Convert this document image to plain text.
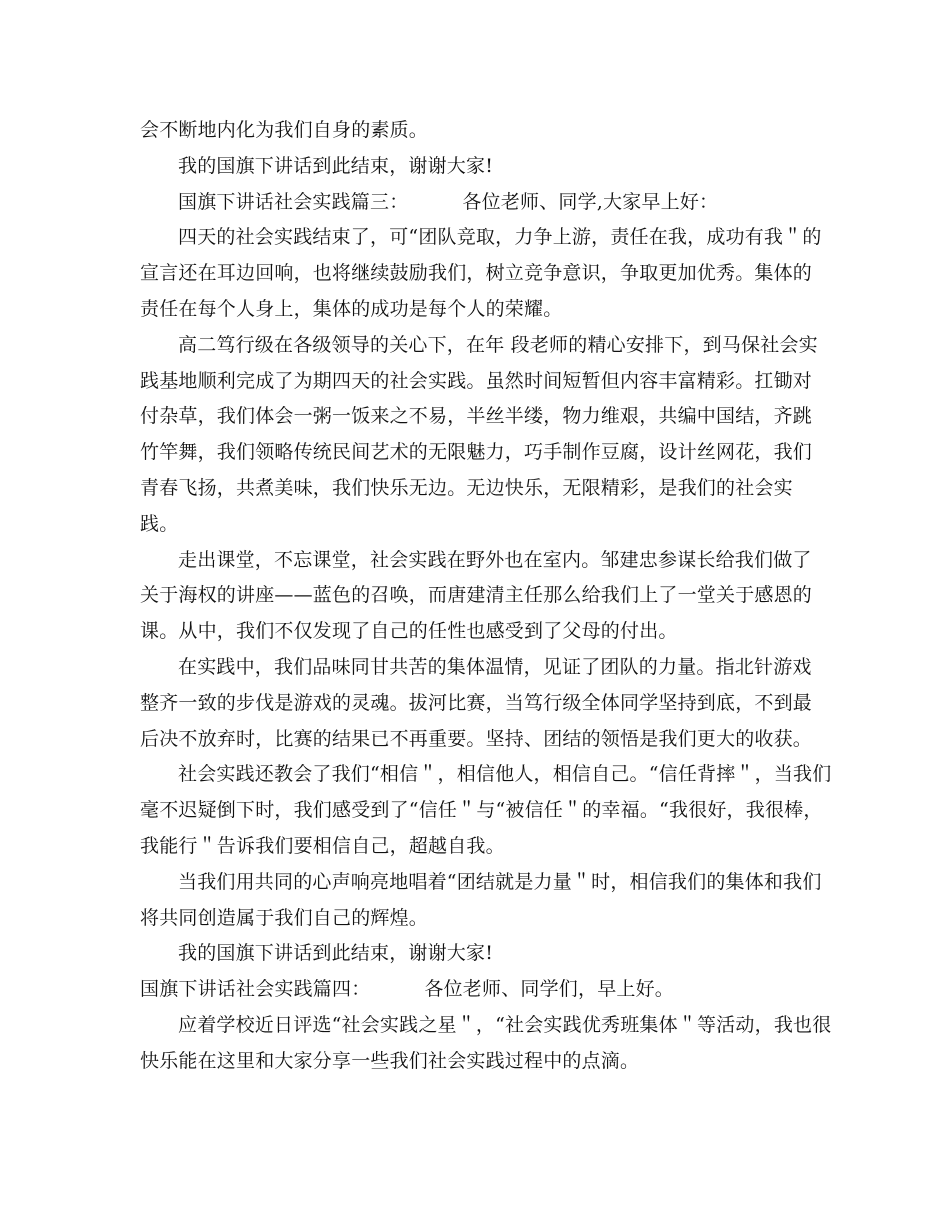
会不断地内化为我们自身的素质。
我的国旗下讲话到此结束，谢谢大家!
国旗下讲话社会实践篇三：	各位老师、同学,大家早上好：
四天的社会实践结束了，可“团队竞取，力争上游，责任在我，成功有我＂的
宣言还在耳边回响，也将继续鼓励我们，树立竞争意识，争取更加优秀。集体的
责任在每个人身上，集体的成功是每个人的荣耀。
高二笃行级在各级领导的关心下，在年 段老师的精心安排下，到马保社会实
践基地顺利完成了为期四天的社会实践。虽然时间短暂但内容丰富精彩。扛锄对
付杂草，我们体会一粥一饭来之不易，半丝半缕，物力维艰，共编中国结，齐跳
竹竿舞，我们领略传统民间艺术的无限魅力，巧手制作豆腐，设计丝网花，我们
青春飞扬，共煮美味，我们快乐无边。无边快乐，无限精彩，是我们的社会实
践。
走出课堂，不忘课堂，社会实践在野外也在室内。邹建忠参谋长给我们做了
关于海权的讲座——蓝色的召唤，而唐建清主任那么给我们上了一堂关于感恩的
课。从中，我们不仅发现了自己的任性也感受到了父母的付出。
在实践中，我们品味同甘共苦的集体温情，见证了团队的力量。指北针游戏
整齐一致的步伐是游戏的灵魂。拔河比赛，当笃行级全体同学坚持到底，不到最
后决不放弃时，比赛的结果已不再重要。坚持、团结的领悟是我们更大的收获。
社会实践还教会了我们“相信＂，相信他人，相信自己。“信任背摔＂，当我们
毫不迟疑倒下时，我们感受到了“信任＂与“被信任＂的幸福。“我很好，我很棒，
我能行＂告诉我们要相信自己，超越自我。
当我们用共同的心声响亮地唱着“团结就是力量＂时，相信我们的集体和我们
将共同创造属于我们自己的辉煌。
我的国旗下讲话到此结束，谢谢大家!
国旗下讲话社会实践篇四：	各位老师、同学们，早上好。
应着学校近日评选“社会实践之星＂，“社会实践优秀班集体＂等活动，我也很
快乐能在这里和大家分享一些我们社会实践过程中的点滴。
